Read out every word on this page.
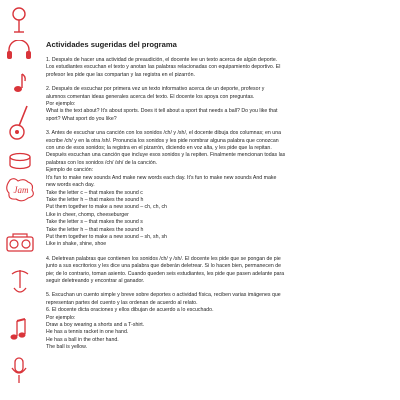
Jam
Actividades sugeridas del programa
1. Después de hacer una actividad de preaudición, el docente lee un texto acerca de algún deporte.
Los estudiantes escuchan el texto y anotan las palabras relacionadas con equipamiento deportivo. El
profesor les pide que las compartan y las registra en el pizarrón.
2. Después de escuchar por primera vez un texto informativo acerca de un deporte, profesor y
alumnos comentan ideas generales acerca del texto. El docente los apoya con preguntas.
Por ejemplo:
What is the text about? It's about sports. Does it tell about a sport that needs a ball? Do you like that
sport? What sport do you like?
3. Antes de escuchar una canción con los sonidos /ch/ y /sh/, el docente dibuja dos columnas; en una
escribe /ch/ y en la otra /sh/. Pronuncia los sonidos y les pide nombrar alguna palabra que conozcan
con uno de esos sonidos; la registra en el pizarrón, diciendo en voz alta, y les pide que la repitan.
Después escuchan una canción que incluye esos sonidos y la repiten. Finalmente mencionan todas las
palabras con los sonidos /ch/ /sh/ de la canción.
Ejemplo de canción:
It's fun to make new sounds And make new words each day. It's fun to make new sounds And make
new words each day.
Take the letter c – that makes the sound c
Take the letter h – that makes the sound h
Put them together to make a new sound – ch, ch, ch
Like in cheer, chomp, cheeseburger
Take the letter s – that makes the sound s
Take the letter h – that makes the sound h
Put them together to make a new sound – sh, sh, sh
Like in shake, shine, shoe
4. Deletrean palabras que contienen los sonidos /ch/ y /sh/. El docente les pide que se pongan de pie
junto a sus escritorios y les dice una palabra que deberán deletrear. Si lo hacen bien, permanecen de
pie; de lo contrario, toman asiento. Cuando queden seis estudiantes, les pide que pasen adelante para
seguir deletreando y encontrar al ganador.
5. Escuchan un cuento simple y breve sobre deportes o actividad física, reciben varias imágenes que
representan partes del cuento y las ordenan de acuerdo al relato.
6. El docente dicta oraciones y ellos dibujan de acuerdo a lo escuchado.
Por ejemplo:
Draw a boy wearing a shorts and a T-shirt.
He has a tennis racket in one hand.
He has a ball in the other hand.
The ball is yellow.
